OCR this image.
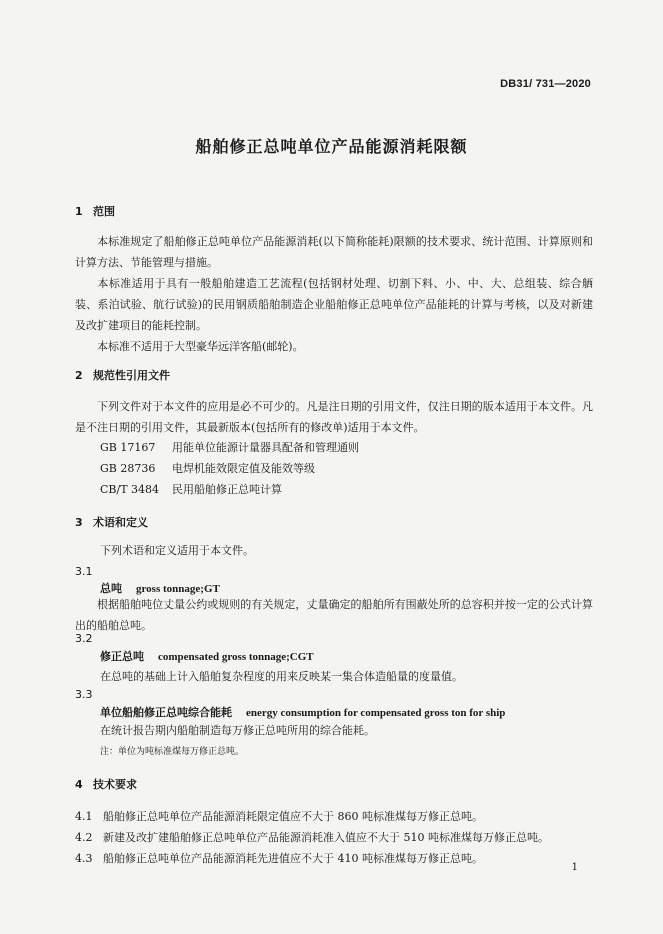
DB31/ 731—2020
船舶修正总吨单位产品能源消耗限额
1 范围
本标准规定了船舶修正总吨单位产品能源消耗(以下简称能耗)限额的技术要求、统计范围、计算原则和计算方法、节能管理与措施。
本标准适用于具有一般船舶建造工艺流程(包括钢材处理、切割下料、小、中、大、总组装、综合舾装、系泊试验、航行试验)的民用钢质船舶制造企业船舶修正总吨单位产品能耗的计算与考核，以及对新建及改扩建项目的能耗控制。
本标准不适用于大型豪华远洋客船(邮轮)。
2 规范性引用文件
下列文件对于本文件的应用是必不可少的。凡是注日期的引用文件，仅注日期的版本适用于本文件。凡是不注日期的引用文件，其最新版本(包括所有的修改单)适用于本文件。
GB 17167 用能单位能源计量器具配备和管理通则
GB 28736 电焊机能效限定值及能效等级
CB/T 3484 民用船舶修正总吨计算
3 术语和定义
下列术语和定义适用于本文件。
3.1
总吨 gross tonnage;GT
根据船舶吨位丈量公约或规则的有关规定，丈量确定的船舶所有围蔽处所的总容积并按一定的公式计算出的船舶总吨。
3.2
修正总吨 compensated gross tonnage;CGT
在总吨的基础上计入船舶复杂程度的用来反映某一集合体造船量的度量值。
3.3
单位船舶修正总吨综合能耗 energy consumption for compensated gross ton for ship
在统计报告期内船舶制造每万修正总吨所用的综合能耗。
注：单位为吨标准煤每万修正总吨。
4 技术要求
4.1 船舶修正总吨单位产品能源消耗限定值应不大于 860 吨标准煤每万修正总吨。
4.2 新建及改扩建船舶修正总吨单位产品能源消耗准入值应不大于 510 吨标准煤每万修正总吨。
4.3 船舶修正总吨单位产品能源消耗先进值应不大于 410 吨标准煤每万修正总吨。
1
